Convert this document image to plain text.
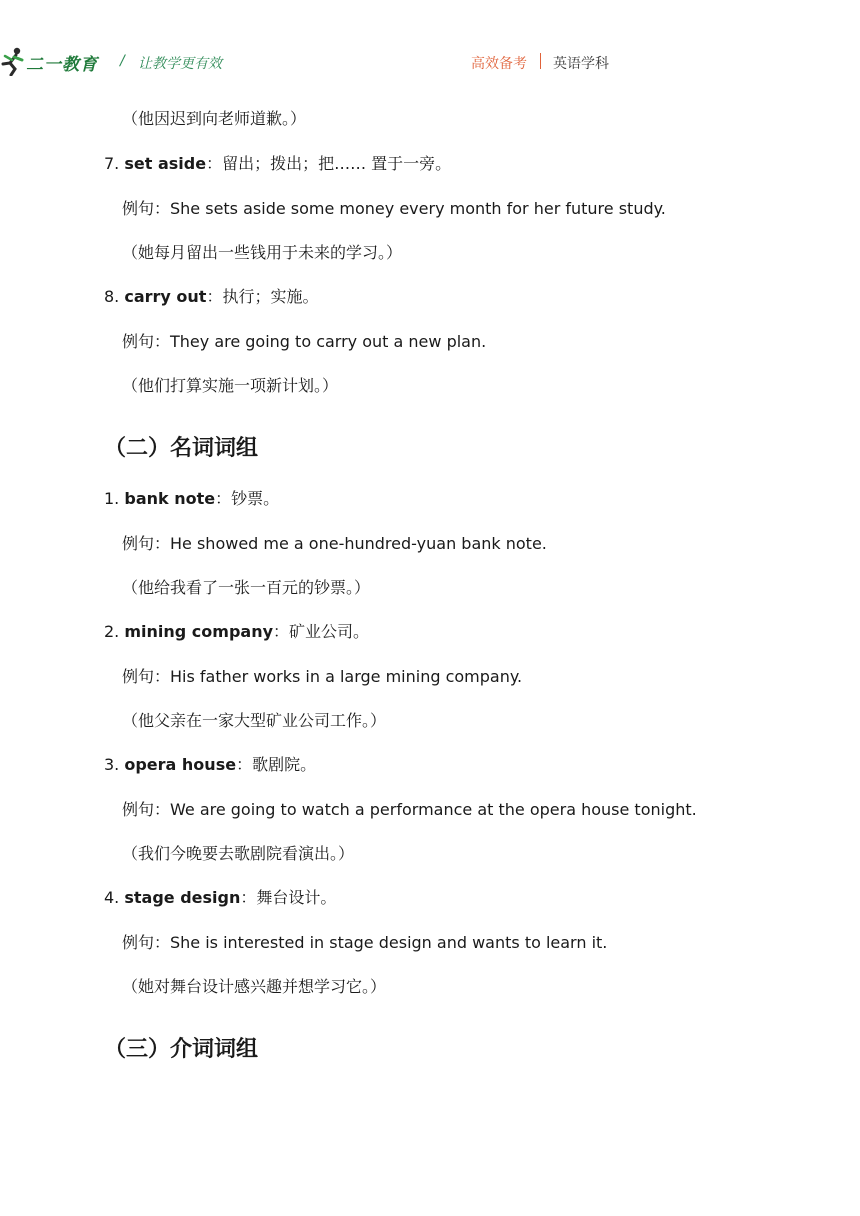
二一教育 / 让教学更有效	高效备考 英语学科
（他因迟到向老师道歉。）
7. set aside：留出；拨出；把…… 置于一旁。
例句：She sets aside some money every month for her future study.
（她每月留出一些钱用于未来的学习。）
8. carry out：执行；实施。
例句：They are going to carry out a new plan.
（他们打算实施一项新计划。）
（二）名词词组
1. bank note：钞票。
例句：He showed me a one-hundred-yuan bank note.
（他给我看了一张一百元的钞票。）
2. mining company：矿业公司。
例句：His father works in a large mining company.
（他父亲在一家大型矿业公司工作。）
3. opera house：歌剧院。
例句：We are going to watch a performance at the opera house tonight.
（我们今晚要去歌剧院看演出。）
4. stage design：舞台设计。
例句：She is interested in stage design and wants to learn it.
（她对舞台设计感兴趣并想学习它。）
（三）介词词组
